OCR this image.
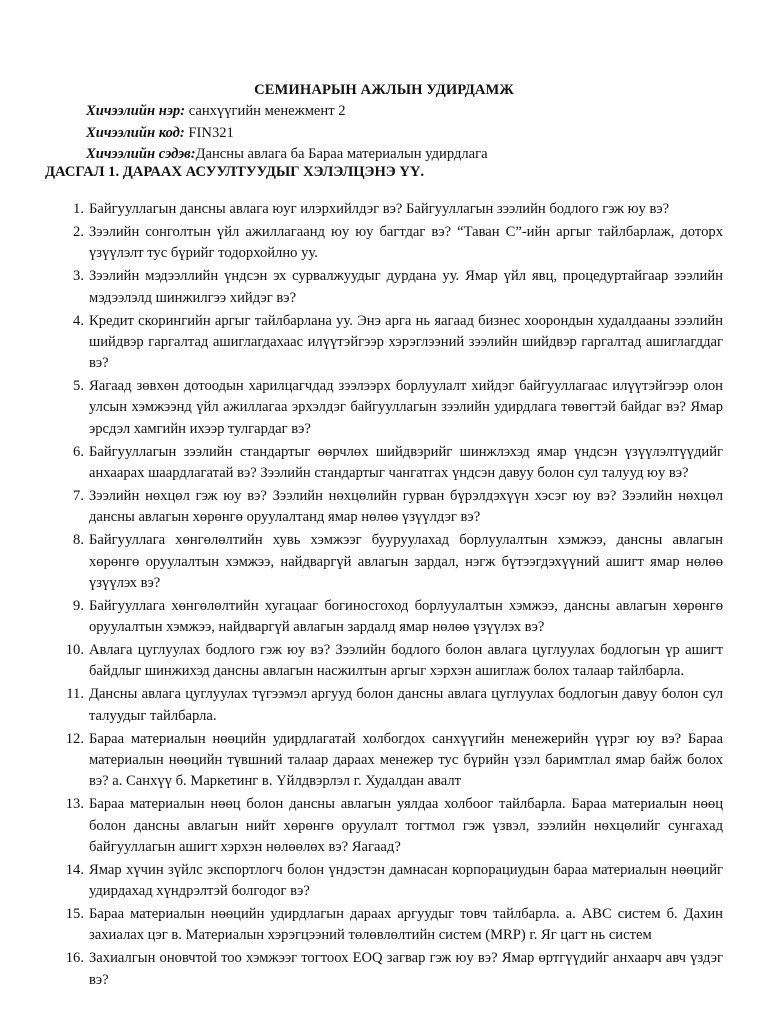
СЕМИНАРЫН АЖЛЫН УДИРДАМЖ
Хичээлийн нэр: санхүүгийн менежмент 2
Хичээлийн код: FIN321
Хичээлийн сэдэв:Дансны авлага ба Бараа материалын удирдлага
ДАСГАЛ 1. ДАРААХ АСУУЛТУУДЫГ ХЭЛЭЛЦЭНЭ ҮҮ.
1. Байгууллагын дансны авлага юуг илэрхийлдэг вэ? Байгууллагын зээлийн бодлого гэж юу вэ?
2. Зээлийн сонголтын үйл ажиллагаанд юу юу багтдаг вэ? “Таван С”-ийн аргыг тайлбарлаж, доторх үзүүлэлт тус бүрийг тодорхойлно уу.
3. Зээлийн мэдээллийн үндсэн эх сурвалжуудыг дурдана уу. Ямар үйл явц, процедуртайгаар зээлийн мэдээлэлд шинжилгээ хийдэг вэ?
4. Кредит скорингийн аргыг тайлбарлана уу. Энэ арга нь яагаад бизнес хоорондын худалдааны зээлийн шийдвэр гаргалтад ашиглагдахаас илүүтэйгээр хэрэглээний зээлийн шийдвэр гаргалтад ашиглагддаг вэ?
5. Яагаад зөвхөн дотоодын харилцагчдад зээлээрх борлуулалт хийдэг байгууллагаас илүүтэйгээр олон улсын хэмжээнд үйл ажиллагаа эрхэлдэг байгууллагын зээлийн удирдлага төвөгтэй байдаг вэ? Ямар эрсдэл хамгийн ихээр тулгардаг вэ?
6. Байгууллагын зээлийн стандартыг өөрчлөх шийдвэрийг шинжлэхэд ямар үндсэн үзүүлэлтүүдийг анхаарах шаардлагатай вэ? Зээлийн стандартыг чангатгах үндсэн давуу болон сул талууд юу вэ?
7. Зээлийн нөхцөл гэж юу вэ? Зээлийн нөхцөлийн гурван бүрэлдэхүүн хэсэг юу вэ? Зээлийн нөхцөл дансны авлагын хөрөнгө оруулалтанд ямар нөлөө үзүүлдэг вэ?
8. Байгууллага хөнгөлөлтийн хувь хэмжээг бууруулахад борлуулалтын хэмжээ, дансны авлагын хөрөнгө оруулалтын хэмжээ, найдваргүй авлагын зардал, нэгж бүтээгдэхүүний ашигт ямар нөлөө үзүүлэх вэ?
9. Байгууллага хөнгөлөлтийн хугацааг богиносгоход борлуулалтын хэмжээ, дансны авлагын хөрөнгө оруулалтын хэмжээ, найдваргүй авлагын зардалд ямар нөлөө үзүүлэх вэ?
10. Авлага цуглуулах бодлого гэж юу вэ? Зээлийн бодлого болон авлага цуглуулах бодлогын үр ашигт байдлыг шинжихэд дансны авлагын насжилтын аргыг хэрхэн ашиглаж болох талаар тайлбарла.
11. Дансны авлага цуглуулах түгээмэл аргууд болон дансны авлага цуглуулах бодлогын давуу болон сул талуудыг тайлбарла.
12. Бараа материалын нөөцийн удирдлагатай холбогдох санхүүгийн менежерийн үүрэг юу вэ? Бараа материалын нөөцийн түвшний талаар дараах менежер тус бүрийн үзэл баримтлал ямар байж болох вэ? а. Санхүү б. Маркетинг в. Үйлдвэрлэл г. Худалдан авалт
13. Бараа материалын нөөц болон дансны авлагын уялдаа холбоог тайлбарла. Бараа материалын нөөц болон дансны авлагын нийт хөрөнгө оруулалт тогтмол гэж үзвэл, зээлийн нөхцөлийг сунгахад байгууллагын ашигт хэрхэн нөлөөлөх вэ? Яагаад?
14. Ямар хүчин зүйлс экспортлогч болон үндэстэн дамнасан корпорациудын бараа материалын нөөцийг удирдахад хүндрэлтэй болгодог вэ?
15. Бараа материалын нөөцийн удирдлагын дараах аргуудыг товч тайлбарла. а. ABC систем б. Дахин захиалах цэг в. Материалын хэрэгцээний төлөвлөлтийн систем (MRP) г. Яг цагт нь систем
16. Захиалгын оновчтой тоо хэмжээг тогтоох EOQ загвар гэж юу вэ? Ямар өртгүүдийг анхаарч авч үздэг вэ?
